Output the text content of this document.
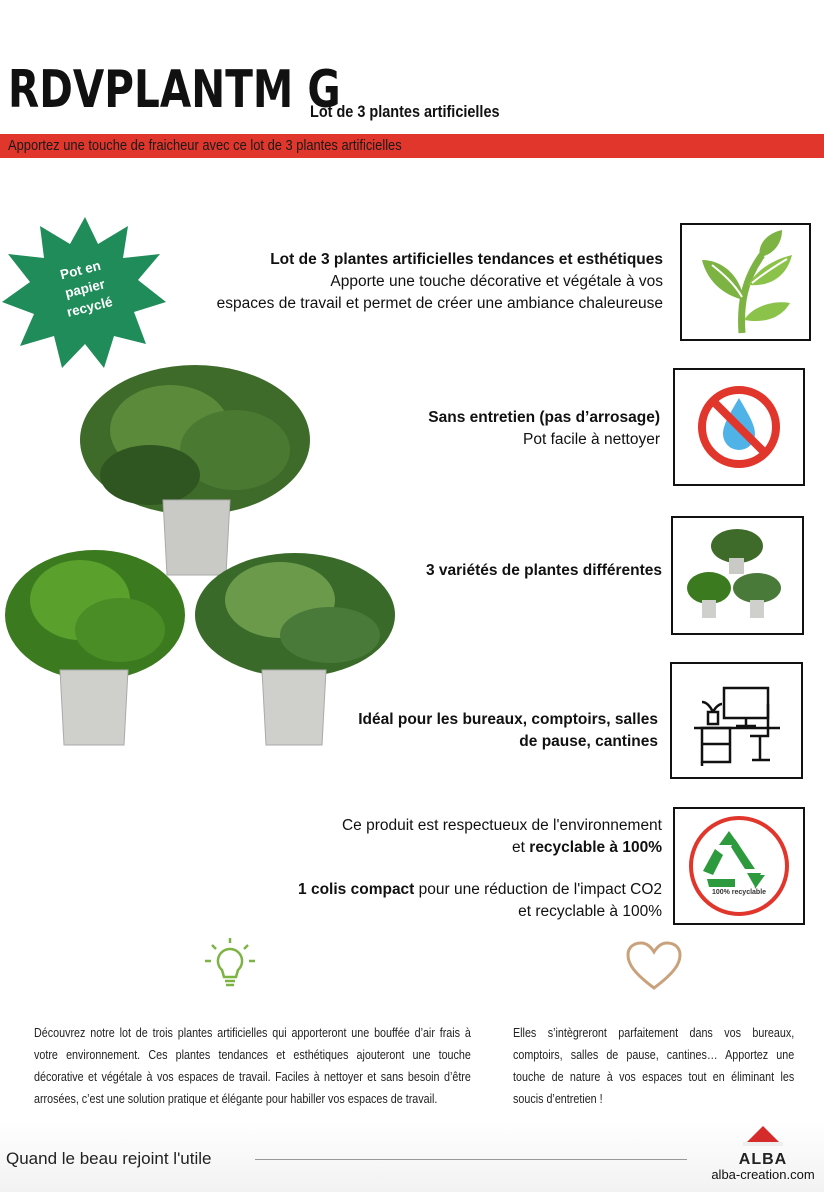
RDVPLANTM G
Lot de 3 plantes artificielles
Apportez une touche de fraicheur avec ce lot de 3 plantes artificielles
Pot en
papier
recyclé
Lot de 3 plantes artificielles tendances et esthétiques
Apporte une touche décorative et végétale à vos
espaces de travail et permet de créer une ambiance chaleureuse
Sans entretien (pas d’arrosage)
Pot facile à nettoyer
3 variétés de plantes différentes
Idéal pour les bureaux, comptoirs, salles
de pause, cantines
Ce produit est respectueux de l'environnement
et recyclable à 100%
1 colis compact pour une réduction de l'impact CO2
et recyclable à 100%
100% recyclable
Découvrez notre lot de trois plantes artificielles qui apporteront une bouffée d’air frais à votre environnement. Ces plantes tendances et esthétiques ajouteront une touche décorative et végétale à vos espaces de travail. Faciles à nettoyer et sans besoin d’être arrosées, c’est une solution pratique et élégante pour habiller vos espaces de travail.
Elles s’intègreront parfaitement dans vos bureaux, comptoirs, salles de pause, cantines… Apportez une touche de nature à vos espaces tout en éliminant les soucis d’entretien !
Quand le beau rejoint l'utile	ALBA
alba-creation.com
